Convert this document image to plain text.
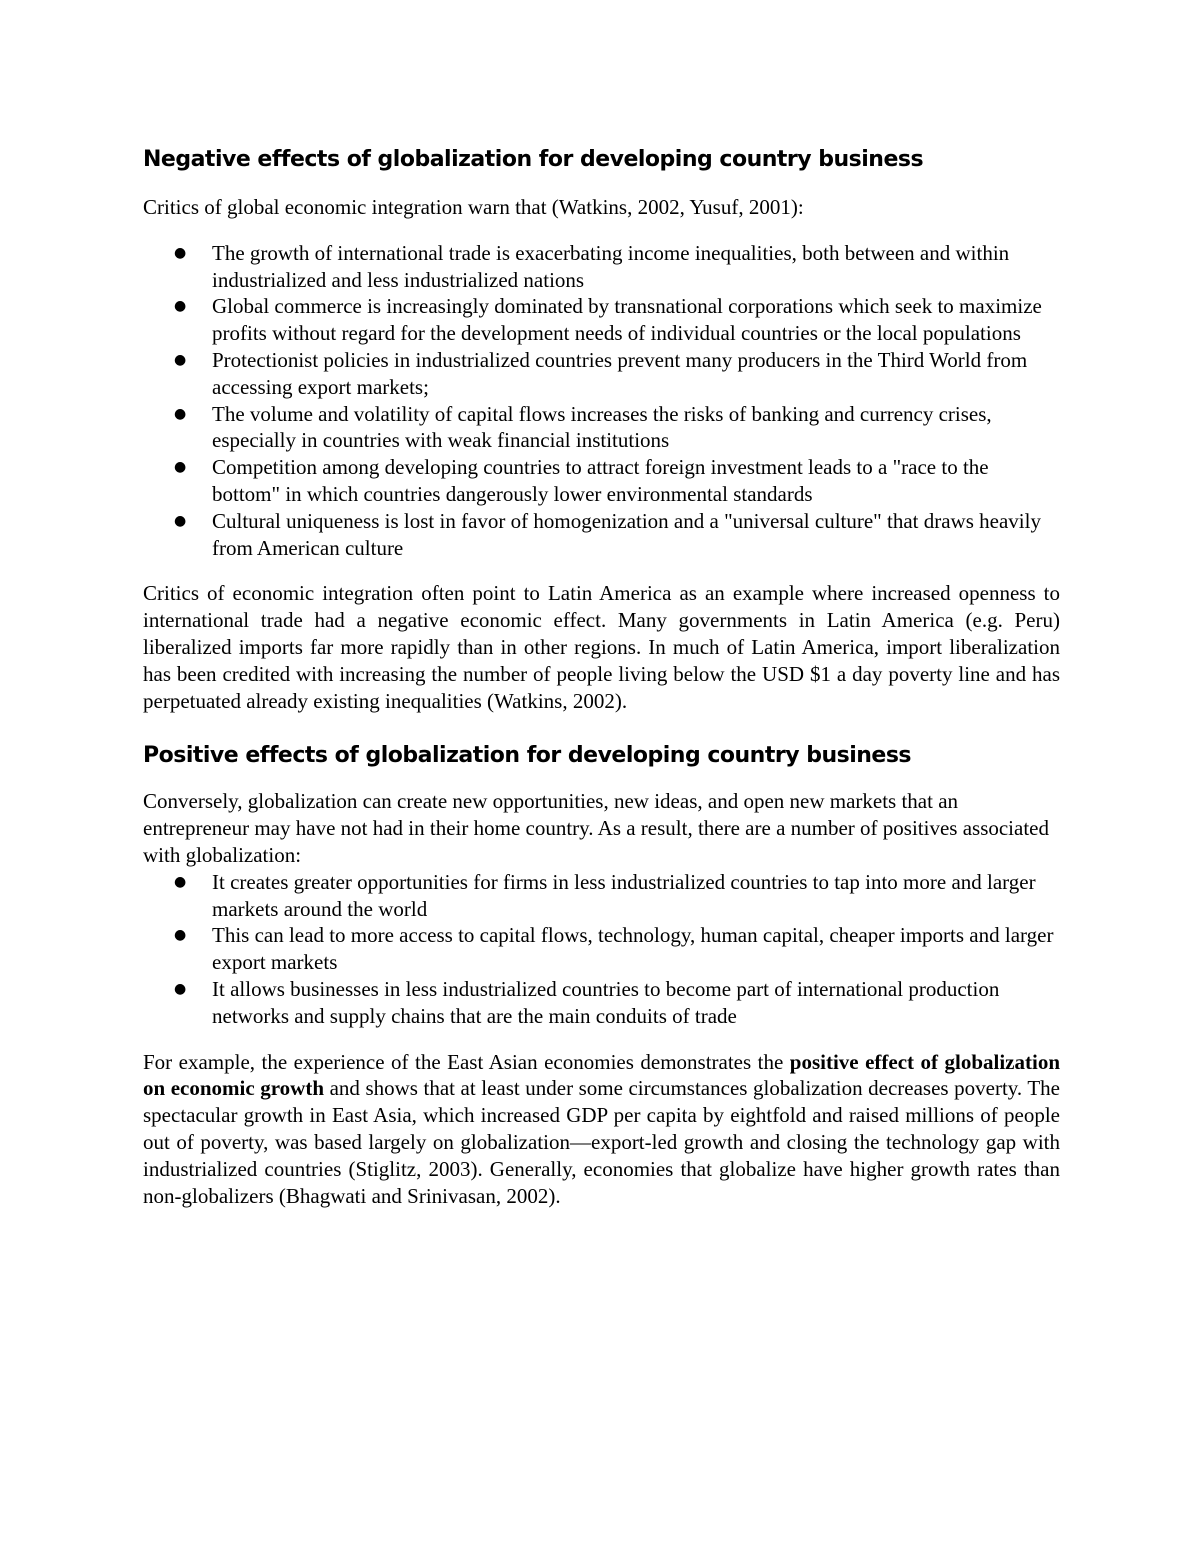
Negative effects of globalization for developing country business

Critics of global economic integration warn that (Watkins, 2002, Yusuf, 2001):

●	The growth of international trade is exacerbating income inequalities, both between and within industrialized and less industrialized nations
●	Global commerce is increasingly dominated by transnational corporations which seek to maximize profits without regard for the development needs of individual countries or the local populations
●	Protectionist policies in industrialized countries prevent many producers in the Third World from accessing export markets;
●	The volume and volatility of capital flows increases the risks of banking and currency crises, especially in countries with weak financial institutions
●	Competition among developing countries to attract foreign investment leads to a "race to the bottom" in which countries dangerously lower environmental standards
●	Cultural uniqueness is lost in favor of homogenization and a "universal culture" that draws heavily from American culture

Critics of economic integration often point to Latin America as an example where increased openness to international trade had a negative economic effect. Many governments in Latin America (e.g. Peru) liberalized imports far more rapidly than in other regions. In much of Latin America, import liberalization has been credited with increasing the number of people living below the USD $1 a day poverty line and has perpetuated already existing inequalities (Watkins, 2002).

Positive effects of globalization for developing country business

Conversely, globalization can create new opportunities, new ideas, and open new markets that an entrepreneur may have not had in their home country. As a result, there are a number of positives associated with globalization:

●	It creates greater opportunities for firms in less industrialized countries to tap into more and larger markets around the world
●	This can lead to more access to capital flows, technology, human capital, cheaper imports and larger export markets
●	It allows businesses in less industrialized countries to become part of international production networks and supply chains that are the main conduits of trade

For example, the experience of the East Asian economies demonstrates the positive effect of globalization on economic growth and shows that at least under some circumstances globalization decreases poverty. The spectacular growth in East Asia, which increased GDP per capita by eightfold and raised millions of people out of poverty, was based largely on globalization—export-led growth and closing the technology gap with industrialized countries (Stiglitz, 2003). Generally, economies that globalize have higher growth rates than non-globalizers (Bhagwati and Srinivasan, 2002).
